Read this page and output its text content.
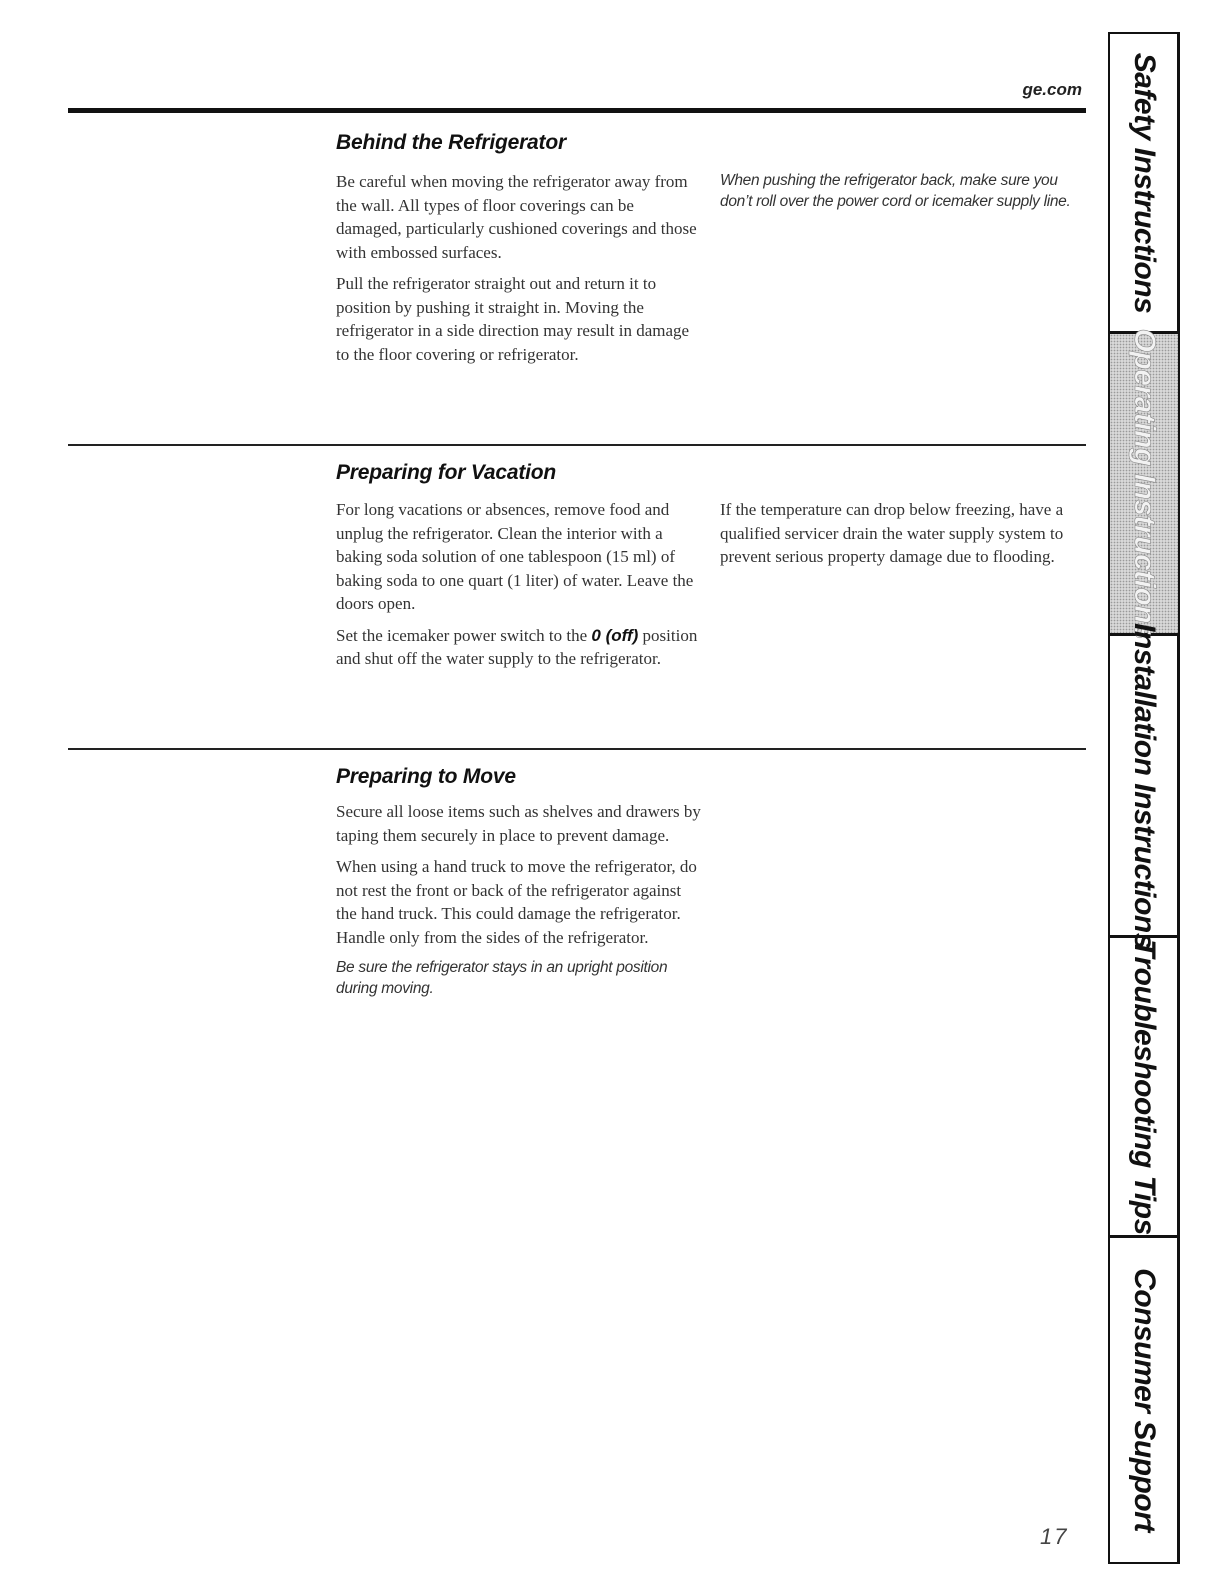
ge.com
Behind the Refrigerator

Be careful when moving the refrigerator away from the wall. All types of floor coverings can be damaged, particularly cushioned coverings and those with embossed surfaces.

Pull the refrigerator straight out and return it to position by pushing it straight in. Moving the refrigerator in a side direction may result in damage to the floor covering or refrigerator.

When pushing the refrigerator back, make sure you don’t roll over the power cord or icemaker supply line.

Preparing for Vacation

For long vacations or absences, remove food and unplug the refrigerator. Clean the interior with a baking soda solution of one tablespoon (15 ml) of baking soda to one quart (1 liter) of water. Leave the doors open.

Set the icemaker power switch to the 0 (off) position and shut off the water supply to the refrigerator.

If the temperature can drop below freezing, have a qualified servicer drain the water supply system to prevent serious property damage due to flooding.

Preparing to Move

Secure all loose items such as shelves and drawers by taping them securely in place to prevent damage.

When using a hand truck to move the refrigerator, do not rest the front or back of the refrigerator against the hand truck. This could damage the refrigerator. Handle only from the sides of the refrigerator.

Be sure the refrigerator stays in an upright position during moving.

Safety Instructions
Operating Instructions
Installation Instructions
Troubleshooting Tips
Consumer Support
17
